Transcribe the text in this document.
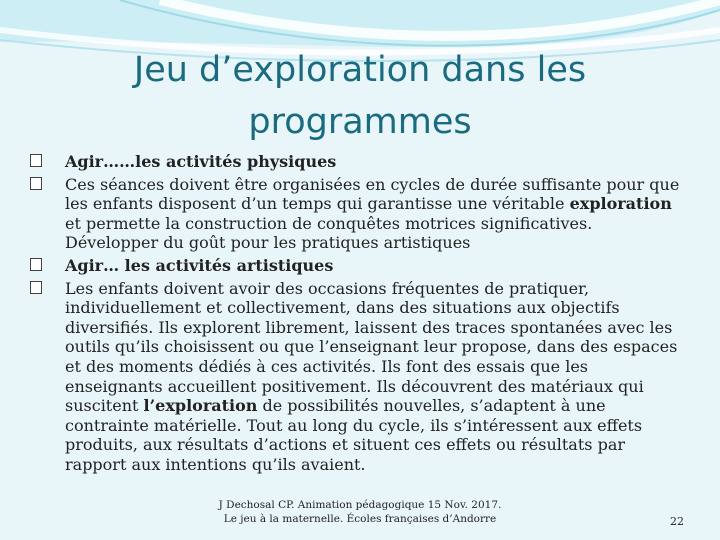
Jeu d’exploration dans les
programmes
Agir……les activités physiques
Ces séances doivent être organisées en cycles de durée suffisante pour que les enfants disposent d’un temps qui garantisse une véritable exploration et permette la construction de conquêtes motrices significatives. Développer du goût pour les pratiques artistiques
Agir… les activités artistiques
Les enfants doivent avoir des occasions fréquentes de pratiquer, individuellement et collectivement, dans des situations aux objectifs diversifiés. Ils explorent librement, laissent des traces spontanées avec les outils qu’ils choisissent ou que l’enseignant leur propose, dans des espaces et des moments dédiés à ces activités. Ils font des essais que les enseignants accueillent positivement. Ils découvrent des matériaux qui suscitent l’exploration de possibilités nouvelles, s’adaptent à une contrainte matérielle. Tout au long du cycle, ils s’intéressent aux effets produits, aux résultats d’actions et situent ces effets ou résultats par rapport aux intentions qu’ils avaient.
J Dechosal CP. Animation pédagogique 15 Nov. 2017.
Le jeu à la maternelle. Écoles françaises d’Andorre	22
